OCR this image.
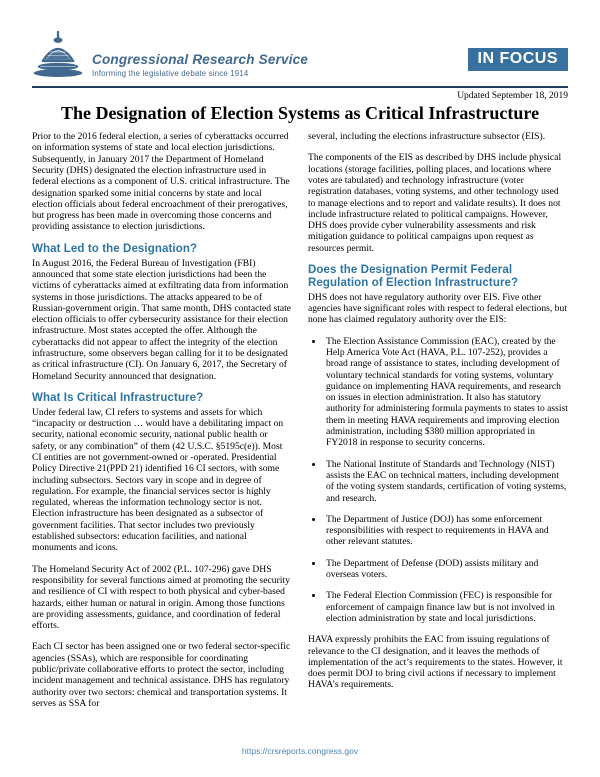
Congressional Research Service
Informing the legislative debate since 1914
IN FOCUS
Updated September 18, 2019
The Designation of Election Systems as Critical Infrastructure

Prior to the 2016 federal election, a series of cyberattacks occurred on information systems of state and local election jurisdictions. Subsequently, in January 2017 the Department of Homeland Security (DHS) designated the election infrastructure used in federal elections as a component of U.S. critical infrastructure. The designation sparked some initial concerns by state and local election officials about federal encroachment of their prerogatives, but progress has been made in overcoming those concerns and providing assistance to election jurisdictions.

What Led to the Designation?

In August 2016, the Federal Bureau of Investigation (FBI) announced that some state election jurisdictions had been the victims of cyberattacks aimed at exfiltrating data from information systems in those jurisdictions. The attacks appeared to be of Russian-government origin. That same month, DHS contacted state election officials to offer cybersecurity assistance for their election infrastructure. Most states accepted the offer. Although the cyberattacks did not appear to affect the integrity of the election infrastructure, some observers began calling for it to be designated as critical infrastructure (CI). On January 6, 2017, the Secretary of Homeland Security announced that designation.

What Is Critical Infrastructure?

Under federal law, CI refers to systems and assets for which “incapacity or destruction … would have a debilitating impact on security, national economic security, national public health or safety, or any combination” of them (42 U.S.C. §5195c(e)). Most CI entities are not government-owned or -operated. Presidential Policy Directive 21(PPD 21) identified 16 CI sectors, with some including subsectors. Sectors vary in scope and in degree of regulation. For example, the financial services sector is highly regulated, whereas the information technology sector is not. Election infrastructure has been designated as a subsector of government facilities. That sector includes two previously established subsectors: education facilities, and national monuments and icons.

The Homeland Security Act of 2002 (P.L. 107-296) gave DHS responsibility for several functions aimed at promoting the security and resilience of CI with respect to both physical and cyber-based hazards, either human or natural in origin. Among those functions are providing assessments, guidance, and coordination of federal efforts.

Each CI sector has been assigned one or two federal sector-specific agencies (SSAs), which are responsible for coordinating public/private collaborative efforts to protect the sector, including incident management and technical assistance. DHS has regulatory authority over two sectors: chemical and transportation systems. It serves as SSA for

several, including the elections infrastructure subsector (EIS).

The components of the EIS as described by DHS include physical locations (storage facilities, polling places, and locations where votes are tabulated) and technology infrastructure (voter registration databases, voting systems, and other technology used to manage elections and to report and validate results). It does not include infrastructure related to political campaigns. However, DHS does provide cyber vulnerability assessments and risk mitigation guidance to political campaigns upon request as resources permit.

Does the Designation Permit Federal Regulation of Election Infrastructure?

DHS does not have regulatory authority over EIS. Five other agencies have significant roles with respect to federal elections, but none has claimed regulatory authority over the EIS:

• The Election Assistance Commission (EAC), created by the Help America Vote Act (HAVA, P.L. 107-252), provides a broad range of assistance to states, including development of voluntary technical standards for voting systems, voluntary guidance on implementing HAVA requirements, and research on issues in election administration. It also has statutory authority for administering formula payments to states to assist them in meeting HAVA requirements and improving election administration, including $380 million appropriated in FY2018 in response to security concerns.
• The National Institute of Standards and Technology (NIST) assists the EAC on technical matters, including development of the voting system standards, certification of voting systems, and research.
• The Department of Justice (DOJ) has some enforcement responsibilities with respect to requirements in HAVA and other relevant statutes.
• The Department of Defense (DOD) assists military and overseas voters.
• The Federal Election Commission (FEC) is responsible for enforcement of campaign finance law but is not involved in election administration by state and local jurisdictions.

HAVA expressly prohibits the EAC from issuing regulations of relevance to the CI designation, and it leaves the methods of implementation of the act’s requirements to the states. However, it does permit DOJ to bring civil actions if necessary to implement HAVA’s requirements.

https://crsreports.congress.gov
